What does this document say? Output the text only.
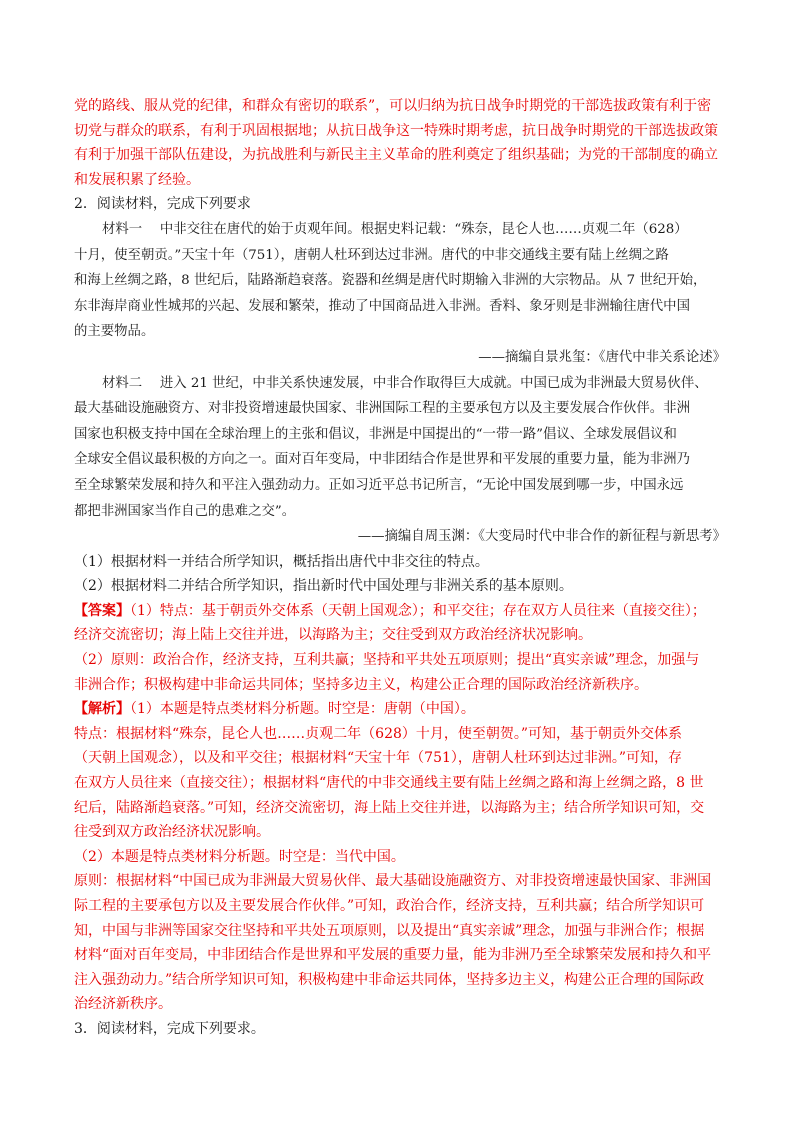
党的路线、服从党的纪律，和群众有密切的联系”，可以归纳为抗日战争时期党的干部选拔政策有利于密

切党与群众的联系，有利于巩固根据地；从抗日战争这一特殊时期考虑，抗日战争时期党的干部选拔政策

有利于加强干部队伍建设，为抗战胜利与新民主主义革命的胜利奠定了组织基础；为党的干部制度的确立

和发展积累了经验。

2．阅读材料，完成下列要求

材料一　 中非交往在唐代的始于贞观年间。根据史料记载：“殊奈，昆仑人也……贞观二年（628）

十月，使至朝贡。”天宝十年（751），唐朝人杜环到达过非洲。唐代的中非交通线主要有陆上丝绸之路

和海上丝绸之路，8 世纪后，陆路渐趋衰落。瓷器和丝绸是唐代时期输入非洲的大宗物品。从 7 世纪开始，

东非海岸商业性城邦的兴起、发展和繁荣，推动了中国商品进入非洲。香料、象牙则是非洲输往唐代中国

的主要物品。

——摘编自景兆玺：《唐代中非关系论述》

材料二　 进入 21 世纪，中非关系快速发展，中非合作取得巨大成就。中国已成为非洲最大贸易伙伴、

最大基础设施融资方、对非投资增速最快国家、非洲国际工程的主要承包方以及主要发展合作伙伴。非洲

国家也积极支持中国在全球治理上的主张和倡议，非洲是中国提出的“一带一路”倡议、全球发展倡议和

全球安全倡议最积极的方向之一。面对百年变局，中非团结合作是世界和平发展的重要力量，能为非洲乃

至全球繁荣发展和持久和平注入强劲动力。正如习近平总书记所言，“无论中国发展到哪一步，中国永远

都把非洲国家当作自己的患难之交”。

——摘编自周玉渊：《大变局时代中非合作的新征程与新思考》

（1）根据材料一并结合所学知识，概括指出唐代中非交往的特点。

（2）根据材料二并结合所学知识，指出新时代中国处理与非洲关系的基本原则。

【答案】（1）特点：基于朝贡外交体系（天朝上国观念）；和平交往；存在双方人员往来（直接交往）；

经济交流密切；海上陆上交往并进，以海路为主；交往受到双方政治经济状况影响。

（2）原则：政治合作，经济支持，互利共赢；坚持和平共处五项原则；提出“真实亲诚”理念，加强与

非洲合作；积极构建中非命运共同体；坚持多边主义，构建公正合理的国际政治经济新秩序。

【解析】（1）本题是特点类材料分析题。时空是：唐朝（中国）。

特点：根据材料“殊奈，昆仑人也……贞观二年（628）十月，使至朝贺。”可知，基于朝贡外交体系

（天朝上国观念），以及和平交往；根据材料“天宝十年（751），唐朝人杜环到达过非洲。”可知，存

在双方人员往来（直接交往）；根据材料“唐代的中非交通线主要有陆上丝绸之路和海上丝绸之路，8 世

纪后，陆路渐趋衰落。”可知，经济交流密切，海上陆上交往并进，以海路为主；结合所学知识可知，交

往受到双方政治经济状况影响。

（2）本题是特点类材料分析题。时空是：当代中国。

原则：根据材料“中国已成为非洲最大贸易伙伴、最大基础设施融资方、对非投资增速最快国家、非洲国

际工程的主要承包方以及主要发展合作伙伴。”可知，政治合作，经济支持，互利共赢；结合所学知识可

知，中国与非洲等国家交往坚持和平共处五项原则，以及提出“真实亲诚”理念，加强与非洲合作；根据

材料“面对百年变局，中非团结合作是世界和平发展的重要力量，能为非洲乃至全球繁荣发展和持久和平

注入强劲动力。”结合所学知识可知，积极构建中非命运共同体，坚持多边主义，构建公正合理的国际政

治经济新秩序。

3．阅读材料，完成下列要求。
